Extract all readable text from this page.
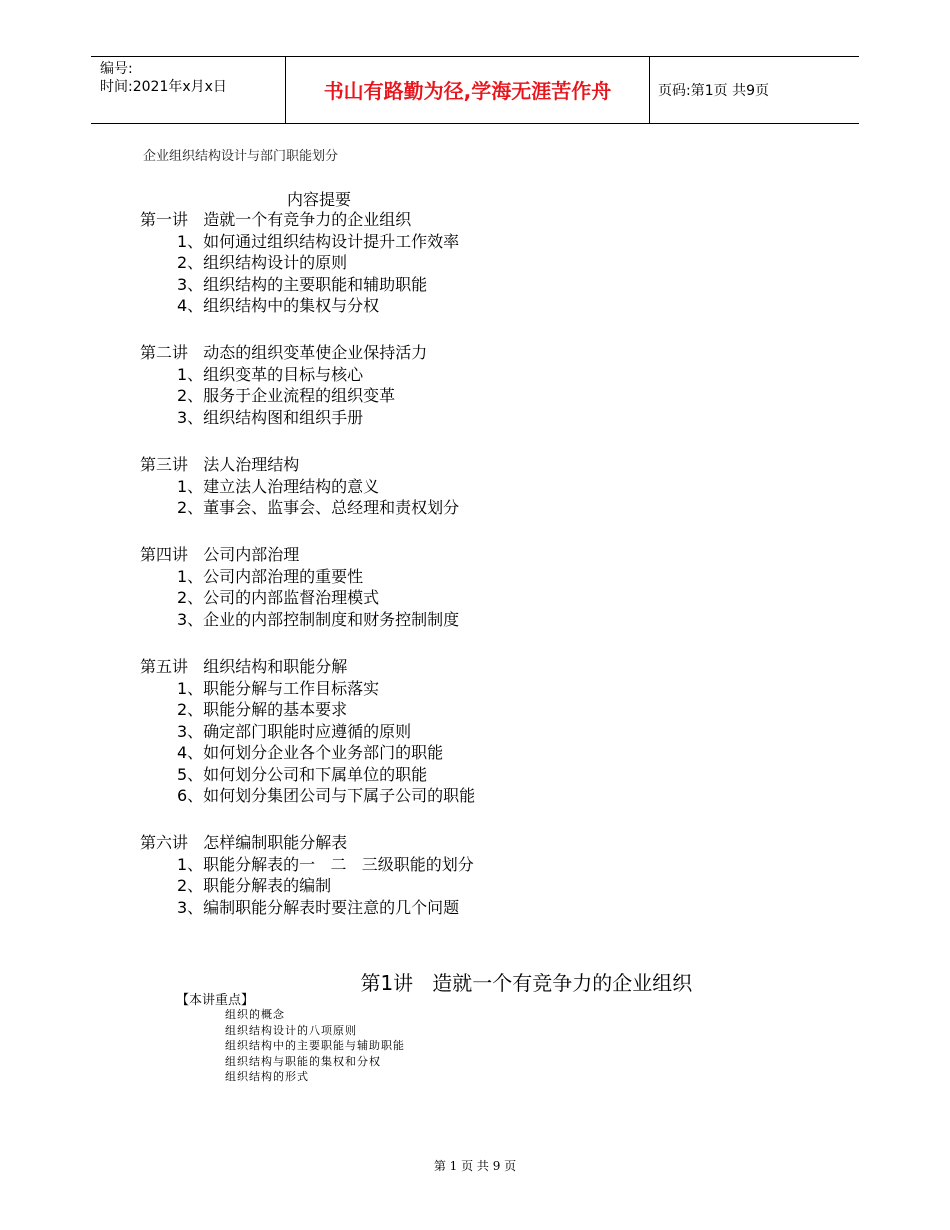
编号:
时间:2021年x月x日	书山有路勤为径,学海无涯苦作舟	页码:第1页 共9页
企业组织结构设计与部门职能划分
内容提要
第一讲   造就一个有竞争力的企业组织
1、如何通过组织结构设计提升工作效率
2、组织结构设计的原则
3、组织结构的主要职能和辅助职能
4、组织结构中的集权与分权
第二讲   动态的组织变革使企业保持活力
1、组织变革的目标与核心
2、服务于企业流程的组织变革
3、组织结构图和组织手册
第三讲   法人治理结构
1、建立法人治理结构的意义
2、董事会、监事会、总经理和责权划分
第四讲   公司内部治理
1、公司内部治理的重要性
2、公司的内部监督治理模式
3、企业的内部控制制度和财务控制制度
第五讲   组织结构和职能分解
1、职能分解与工作目标落实
2、职能分解的基本要求
3、确定部门职能时应遵循的原则
4、如何划分企业各个业务部门的职能
5、如何划分公司和下属单位的职能
6、如何划分集团公司与下属子公司的职能
第六讲   怎样编制职能分解表
1、职能分解表的一   二   三级职能的划分
2、职能分解表的编制
3、编制职能分解表时要注意的几个问题

第1讲   造就一个有竞争力的企业组织

【本讲重点】
组织的概念
组织结构设计的八项原则
组织结构中的主要职能与辅助职能
组织结构与职能的集权和分权
组织结构的形式
第 1 页 共 9 页
